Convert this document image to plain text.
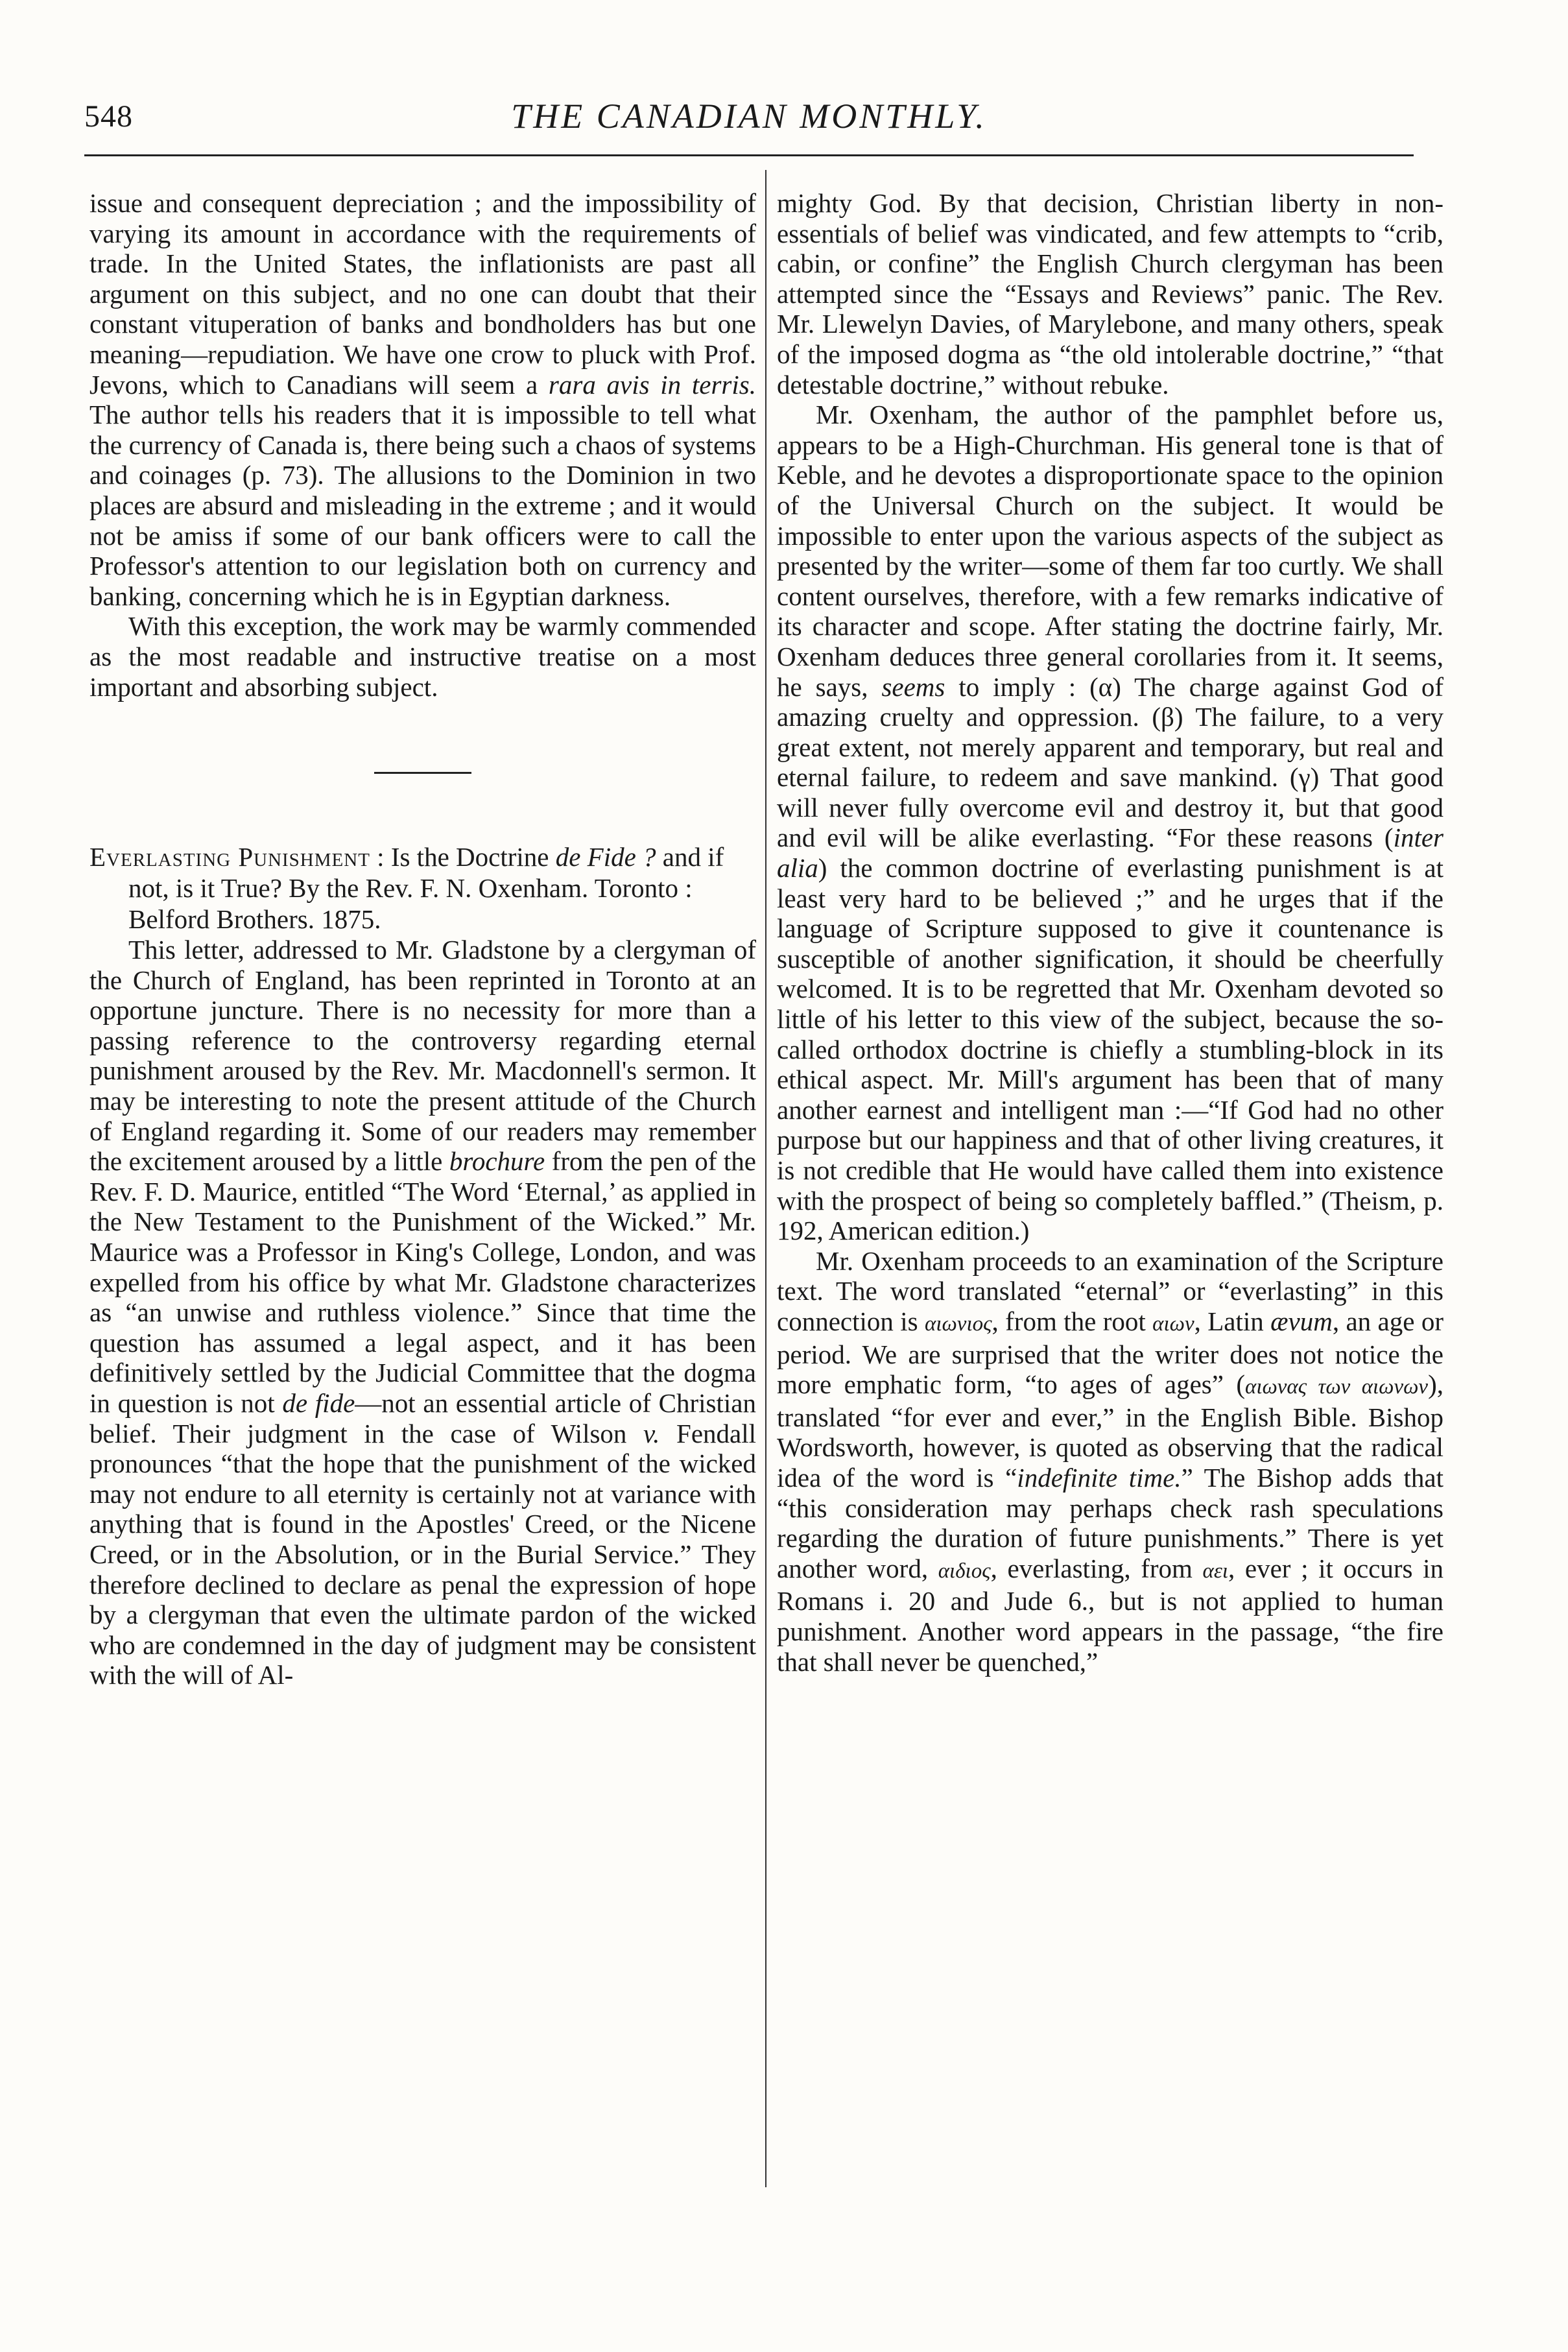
548	THE CANADIAN MONTHLY.

issue and consequent depreciation ; and the impossibility of varying its amount in accordance with the requirements of trade. In the United States, the inflationists are past all argument on this subject, and no one can doubt that their constant vituperation of banks and bondholders has but one meaning—repudiation. We have one crow to pluck with Prof. Jevons, which to Canadians will seem a rara avis in terris. The author tells his readers that it is impossible to tell what the currency of Canada is, there being such a chaos of systems and coinages (p. 73). The allusions to the Dominion in two places are absurd and misleading in the extreme ; and it would not be amiss if some of our bank officers were to call the Professor's attention to our legislation both on currency and banking, concerning which he is in Egyptian darkness.

With this exception, the work may be warmly commended as the most readable and instructive treatise on a most important and absorbing subject.

Everlasting Punishment : Is the Doctrine de Fide ? and if not, is it True? By the Rev. F. N. Oxenham. Toronto : Belford Brothers. 1875.

This letter, addressed to Mr. Gladstone by a clergyman of the Church of England, has been reprinted in Toronto at an opportune juncture. There is no necessity for more than a passing reference to the controversy regarding eternal punishment aroused by the Rev. Mr. Macdonnell's sermon. It may be interesting to note the present attitude of the Church of England regarding it. Some of our readers may remember the excitement aroused by a little brochure from the pen of the Rev. F. D. Maurice, entitled “The Word ‘Eternal,’ as applied in the New Testament to the Punishment of the Wicked.” Mr. Maurice was a Professor in King's College, London, and was expelled from his office by what Mr. Gladstone characterizes as “an unwise and ruthless violence.” Since that time the question has assumed a legal aspect, and it has been definitively settled by the Judicial Committee that the dogma in question is not de fide—not an essential article of Christian belief. Their judgment in the case of Wilson v. Fendall pronounces “that the hope that the punishment of the wicked may not endure to all eternity is certainly not at variance with anything that is found in the Apostles' Creed, or the Nicene Creed, or in the Absolution, or in the Burial Service.” They therefore declined to declare as penal the expression of hope by a clergyman that even the ultimate pardon of the wicked who are condemned in the day of judgment may be consistent with the will of Al-

mighty God. By that decision, Christian liberty in non-essentials of belief was vindicated, and few attempts to “crib, cabin, or confine” the English Church clergyman has been attempted since the “Essays and Reviews” panic. The Rev. Mr. Llewelyn Davies, of Marylebone, and many others, speak of the imposed dogma as “the old intolerable doctrine,” “that detestable doctrine,” without rebuke.

Mr. Oxenham, the author of the pamphlet before us, appears to be a High-Churchman. His general tone is that of Keble, and he devotes a disproportionate space to the opinion of the Universal Church on the subject. It would be impossible to enter upon the various aspects of the subject as presented by the writer—some of them far too curtly. We shall content ourselves, therefore, with a few remarks indicative of its character and scope. After stating the doctrine fairly, Mr. Oxenham deduces three general corollaries from it. It seems, he says, seems to imply : (α) The charge against God of amazing cruelty and oppression. (β) The failure, to a very great extent, not merely apparent and temporary, but real and eternal failure, to redeem and save mankind. (γ) That good will never fully overcome evil and destroy it, but that good and evil will be alike everlasting. “For these reasons (inter alia) the common doctrine of everlasting punishment is at least very hard to be believed ;” and he urges that if the language of Scripture supposed to give it countenance is susceptible of another signification, it should be cheerfully welcomed. It is to be regretted that Mr. Oxenham devoted so little of his letter to this view of the subject, because the so-called orthodox doctrine is chiefly a stumbling-block in its ethical aspect. Mr. Mill's argument has been that of many another earnest and intelligent man :—“If God had no other purpose but our happiness and that of other living creatures, it is not credible that He would have called them into existence with the prospect of being so completely baffled.” (Theism, p. 192, American edition.)

Mr. Oxenham proceeds to an examination of the Scripture text. The word translated “eternal” or “everlasting” in this connection is αιωνιος, from the root αιων, Latin ævum, an age or period. We are surprised that the writer does not notice the more emphatic form, “to ages of ages” (αιωνας των αιωνων), translated “for ever and ever,” in the English Bible. Bishop Wordsworth, however, is quoted as observing that the radical idea of the word is “indefinite time.” The Bishop adds that “this consideration may perhaps check rash speculations regarding the duration of future punishments.” There is yet another word, αιδιος, everlasting, from αει, ever ; it occurs in Romans i. 20 and Jude 6., but is not applied to human punishment. Another word appears in the passage, “the fire that shall never be quenched,”
